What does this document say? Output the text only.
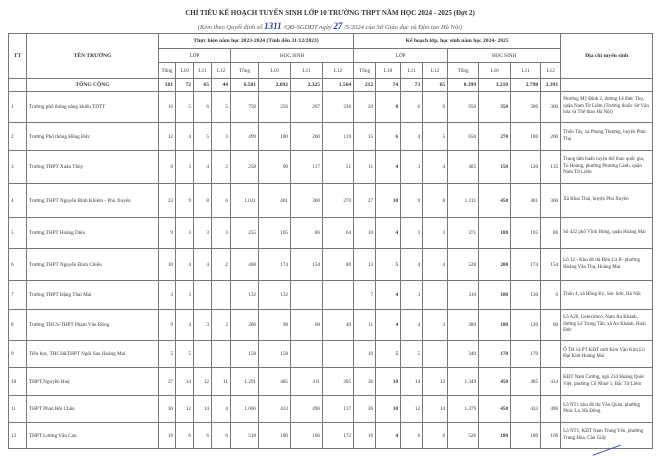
CHỈ TIÊU KẾ HOẠCH TUYỂN SINH LỚP 10 TRƯỜNG THPT NĂM HỌC 2024 - 2025 (Đợt 2)
(Kèm theo Quyết định số 1311 /QĐ-SGDĐT ngày 27 /5/2024 của Sở Giáo dục và Đào tạo Hà Nội)
TT	TÊN TRƯỜNG	Thực hiện năm học 2023-2024 (Tính đến 31/12/2023)								Kế hoạch lớp, học sinh năm học 2024- 2025								Địa chỉ tuyển sinh
		LỚP				HỌC SINH				LỚP				HỌC SINH				
		Tổng	L10	L11	L12	Tổng	L10	L11	L12	Tổng	L10	L11	L12	Tổng	L10	L11	L12	
	TỔNG CỘNG	181	72	65	44	6.581	2.692	2.325	1.564	212	74	73	65	8.399	3.210	2.798	2.391	
1	Trường phổ thông năng khiếu TDTT	16	5	6	5	759	256	267	236	20	8	6	6	950	350	300	300	Phường Mỹ Đình 2, đường Lê Đức Thọ, quận Nam Từ Liêm (Trường thuộc Sở Văn hóa và Thể thao Hà Nội)
2	Trường Phổ thông Hồng Đức	12	4	5	3	499	180	200	119	15	6	4	5	650	270	180	200	Thôn Tây, xã Phụng Thượng, huyện Phúc Thọ
3	Trường THPT Xuân Thủy	9	3	4	2	258	90	117	51	11	4	3	4	405	150	120	135	Trung tâm huấn luyện thể thao quốc gia, Tu Hoàng, phường Phương Canh, quận Nam Từ Liêm
4	Trường THPT Nguyễn Bỉnh Khiêm - Phú Xuyên	23	9	8	6	1.031	401	360	270	27	10	9	8	1.211	450	401	360	Xã Khai Thái, huyện Phú Xuyên
5	Trường THPT Hoàng Diệu	9	3	3	3	255	105	86	64	10	4	3	3	371	180	105	86	Số 422 phố Vĩnh Hưng, quận Hoàng Mai
6	Trường THPT Nguyễn Đình Chiểu	10	4	4	2	408	174	154	80	13	5	4	4	528	200	174	154	Lô 12 - Khu đô thị Đền Lừ II- phường Hoàng Văn Thụ, Hoàng Mai
7	Trường THPT Đặng Thai Mai	3	3			132	132			7	4	3		310	180	130	0	Thôn 4, xã Hồng Kỳ, Sóc Sơn, Hà Nội
8	Trường THCS-THPT Phạm Văn Đồng	9	4	3	2	206	98	68	40	11	4	4	3	380	180	120	80	Lô A26, Geleximco, Nam An Khánh, đường Lê Trọng Tấn, xã An Khánh, Hoài Đức
9	Tiểu học, THCS&THPT Ngôi Sao Hoàng Mai	5	5			158	158			10	5	5		340	170	170		Ô TH và PT KĐT mới Kim Văn Kim Lũ Đại Kim Hoàng Mai
10	THPT Nguyễn Huệ	37	14	12	11	1.291	485	411	395	36	10	14	12	1.349	450	485	414	KĐT Nam Cường, ngõ 234 Hoàng Quốc Việt, phường Cổ Nhuế 1, Bắc Từ Liêm
11	THPT Phan Bội Châu	30	12	14	4	1.066	433	496	137	36	10	12	14	1.379	450	433	496	Lô NT1 khu đô thị Văn Quán, phường Phúc La, Hà Đông
12	THPT Lương Văn Can	18	6	6	6	518	180	166	172	16	4	6	6	526	180	180	166	Lô NT1, KĐT Nam Trung Yên, phường Trung Hòa, Cầu Giấy
